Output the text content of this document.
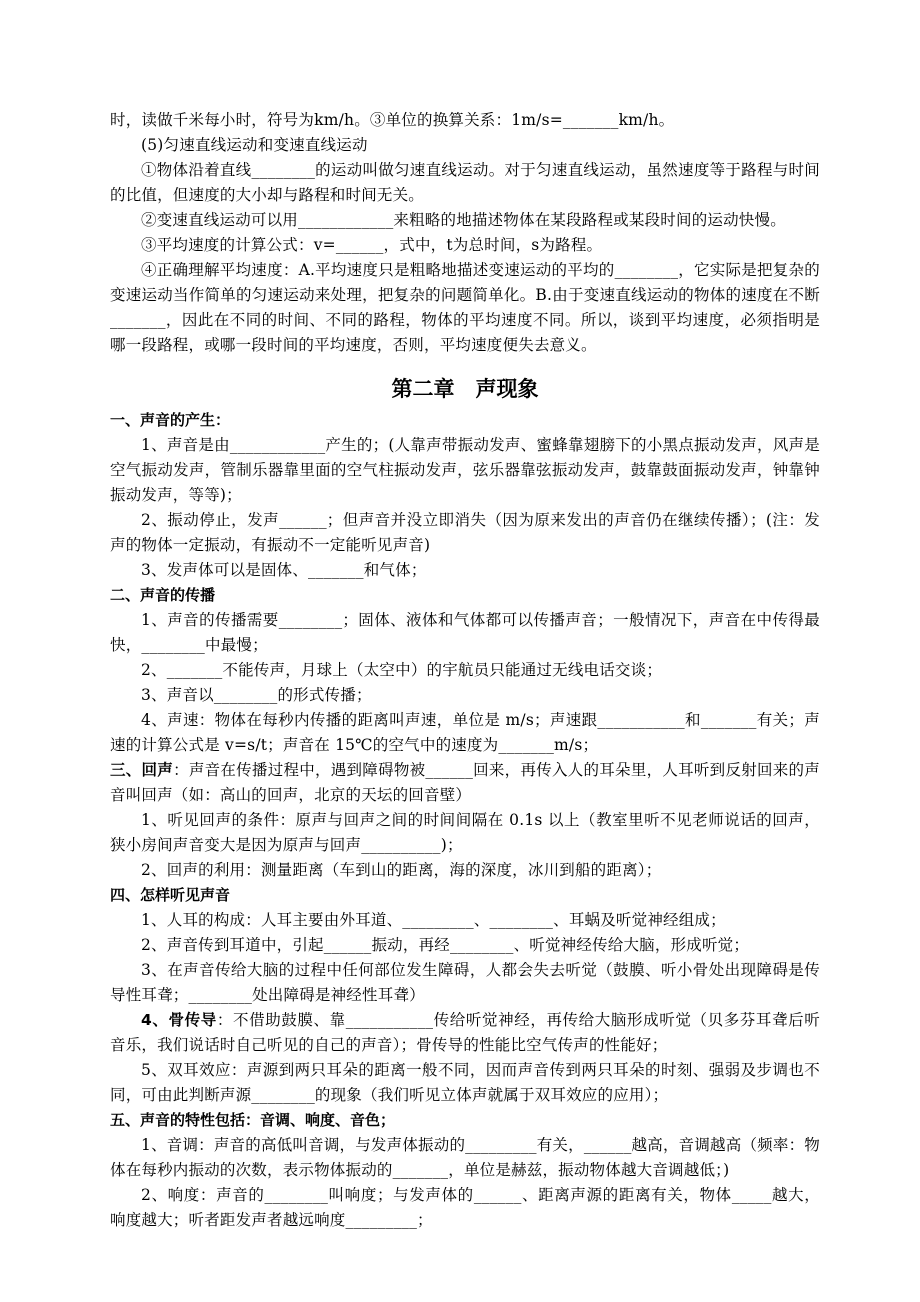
时，读做千米每小时，符号为km/h。③单位的换算关系：1m/s=_______km/h。

(5)匀速直线运动和变速直线运动

①物体沿着直线________的运动叫做匀速直线运动。对于匀速直线运动，虽然速度等于路程与时间的比值，但速度的大小却与路程和时间无关。

②变速直线运动可以用____________来粗略的地描述物体在某段路程或某段时间的运动快慢。

③平均速度的计算公式：v=______，式中，t为总时间，s为路程。

④正确理解平均速度：A.平均速度只是粗略地描述变速运动的平均的________，它实际是把复杂的变速运动当作简单的匀速运动来处理，把复杂的问题简单化。B.由于变速直线运动的物体的速度在不断_______，因此在不同的时间、不同的路程，物体的平均速度不同。所以，谈到平均速度，必须指明是哪一段路程，或哪一段时间的平均速度，否则，平均速度便失去意义。

第二章　声现象

一、声音的产生：

1、声音是由____________产生的；(人靠声带振动发声、蜜蜂靠翅膀下的小黑点振动发声，风声是空气振动发声，管制乐器靠里面的空气柱振动发声，弦乐器靠弦振动发声，鼓靠鼓面振动发声，钟靠钟振动发声，等等)；

2、振动停止，发声______；但声音并没立即消失（因为原来发出的声音仍在继续传播）；(注：发声的物体一定振动，有振动不一定能听见声音)

3、发声体可以是固体、_______和气体；

二、声音的传播

1、声音的传播需要________；固体、液体和气体都可以传播声音；一般情况下，声音在中传得最快，________中最慢；

2、_______不能传声，月球上（太空中）的宇航员只能通过无线电话交谈；

3、声音以________的形式传播；

4、声速：物体在每秒内传播的距离叫声速，单位是 m/s；声速跟___________和_______有关；声速的计算公式是 v=s/t；声音在 15℃的空气中的速度为_______m/s；

三、回声：声音在传播过程中，遇到障碍物被______回来，再传入人的耳朵里，人耳听到反射回来的声音叫回声（如：高山的回声，北京的天坛的回音壁）

1、听见回声的条件：原声与回声之间的时间间隔在 0.1s 以上（教室里听不见老师说话的回声，狭小房间声音变大是因为原声与回声__________)；

2、回声的利用：测量距离（车到山的距离，海的深度，冰川到船的距离）；

四、怎样听见声音

1、人耳的构成：人耳主要由外耳道、_________、________、耳蜗及听觉神经组成；

2、声音传到耳道中，引起______振动，再经________、听觉神经传给大脑，形成听觉；

3、在声音传给大脑的过程中任何部位发生障碍，人都会失去听觉（鼓膜、听小骨处出现障碍是传导性耳聋；________处出障碍是神经性耳聋）

4、骨传导：不借助鼓膜、靠___________传给听觉神经，再传给大脑形成听觉（贝多芬耳聋后听音乐，我们说话时自己听见的自己的声音）；骨传导的性能比空气传声的性能好；

5、双耳效应：声源到两只耳朵的距离一般不同，因而声音传到两只耳朵的时刻、强弱及步调也不同，可由此判断声源________的现象（我们听见立体声就属于双耳效应的应用）；

五、声音的特性包括：音调、响度、音色；

1、音调：声音的高低叫音调，与发声体振动的_________有关，______越高，音调越高（频率：物体在每秒内振动的次数，表示物体振动的_______，单位是赫兹，振动物体越大音调越低；)

2、响度：声音的________叫响度；与发声体的______、距离声源的距离有关，物体_____越大，响度越大；听者距发声者越远响度_________；
